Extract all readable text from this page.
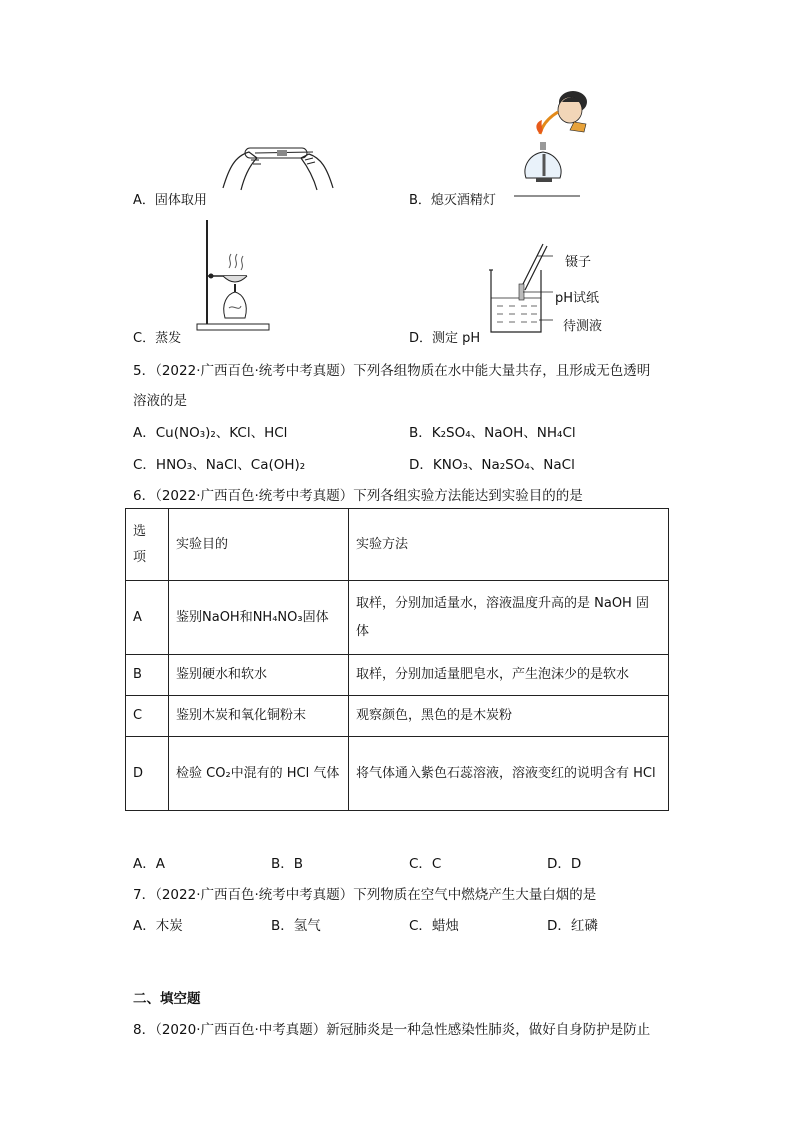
A．固体取用	B．熄灭酒精灯
C．蒸发
镊子
pH试纸
待测液
D．测定 pH
5．（2022·广西百色·统考中考真题）下列各组物质在水中能大量共存，且形成无色透明
溶液的是
A．Cu(NO₃)₂、KCl、HCl	B．K₂SO₄、NaOH、NH₄Cl
C．HNO₃、NaCl、Ca(OH)₂	D．KNO₃、Na₂SO₄、NaCl
6．（2022·广西百色·统考中考真题）下列各组实验方法能达到实验目的的是
选项	实验目的	实验方法
A	鉴别NaOH和NH₄NO₃固体	取样，分别加适量水，溶液温度升高的是 NaOH 固体
B	鉴别硬水和软水	取样，分别加适量肥皂水，产生泡沫少的是软水
C	鉴别木炭和氧化铜粉末	观察颜色，黑色的是木炭粉
D	检验 CO₂中混有的 HCl 气体	将气体通入紫色石蕊溶液，溶液变红的说明含有 HCl
A．A	B．B	C．C	D．D
7．（2022·广西百色·统考中考真题）下列物质在空气中燃烧产生大量白烟的是
A．木炭	B．氢气	C．蜡烛	D．红磷
二、填空题
8．（2020·广西百色·中考真题）新冠肺炎是一种急性感染性肺炎，做好自身防护是防止
